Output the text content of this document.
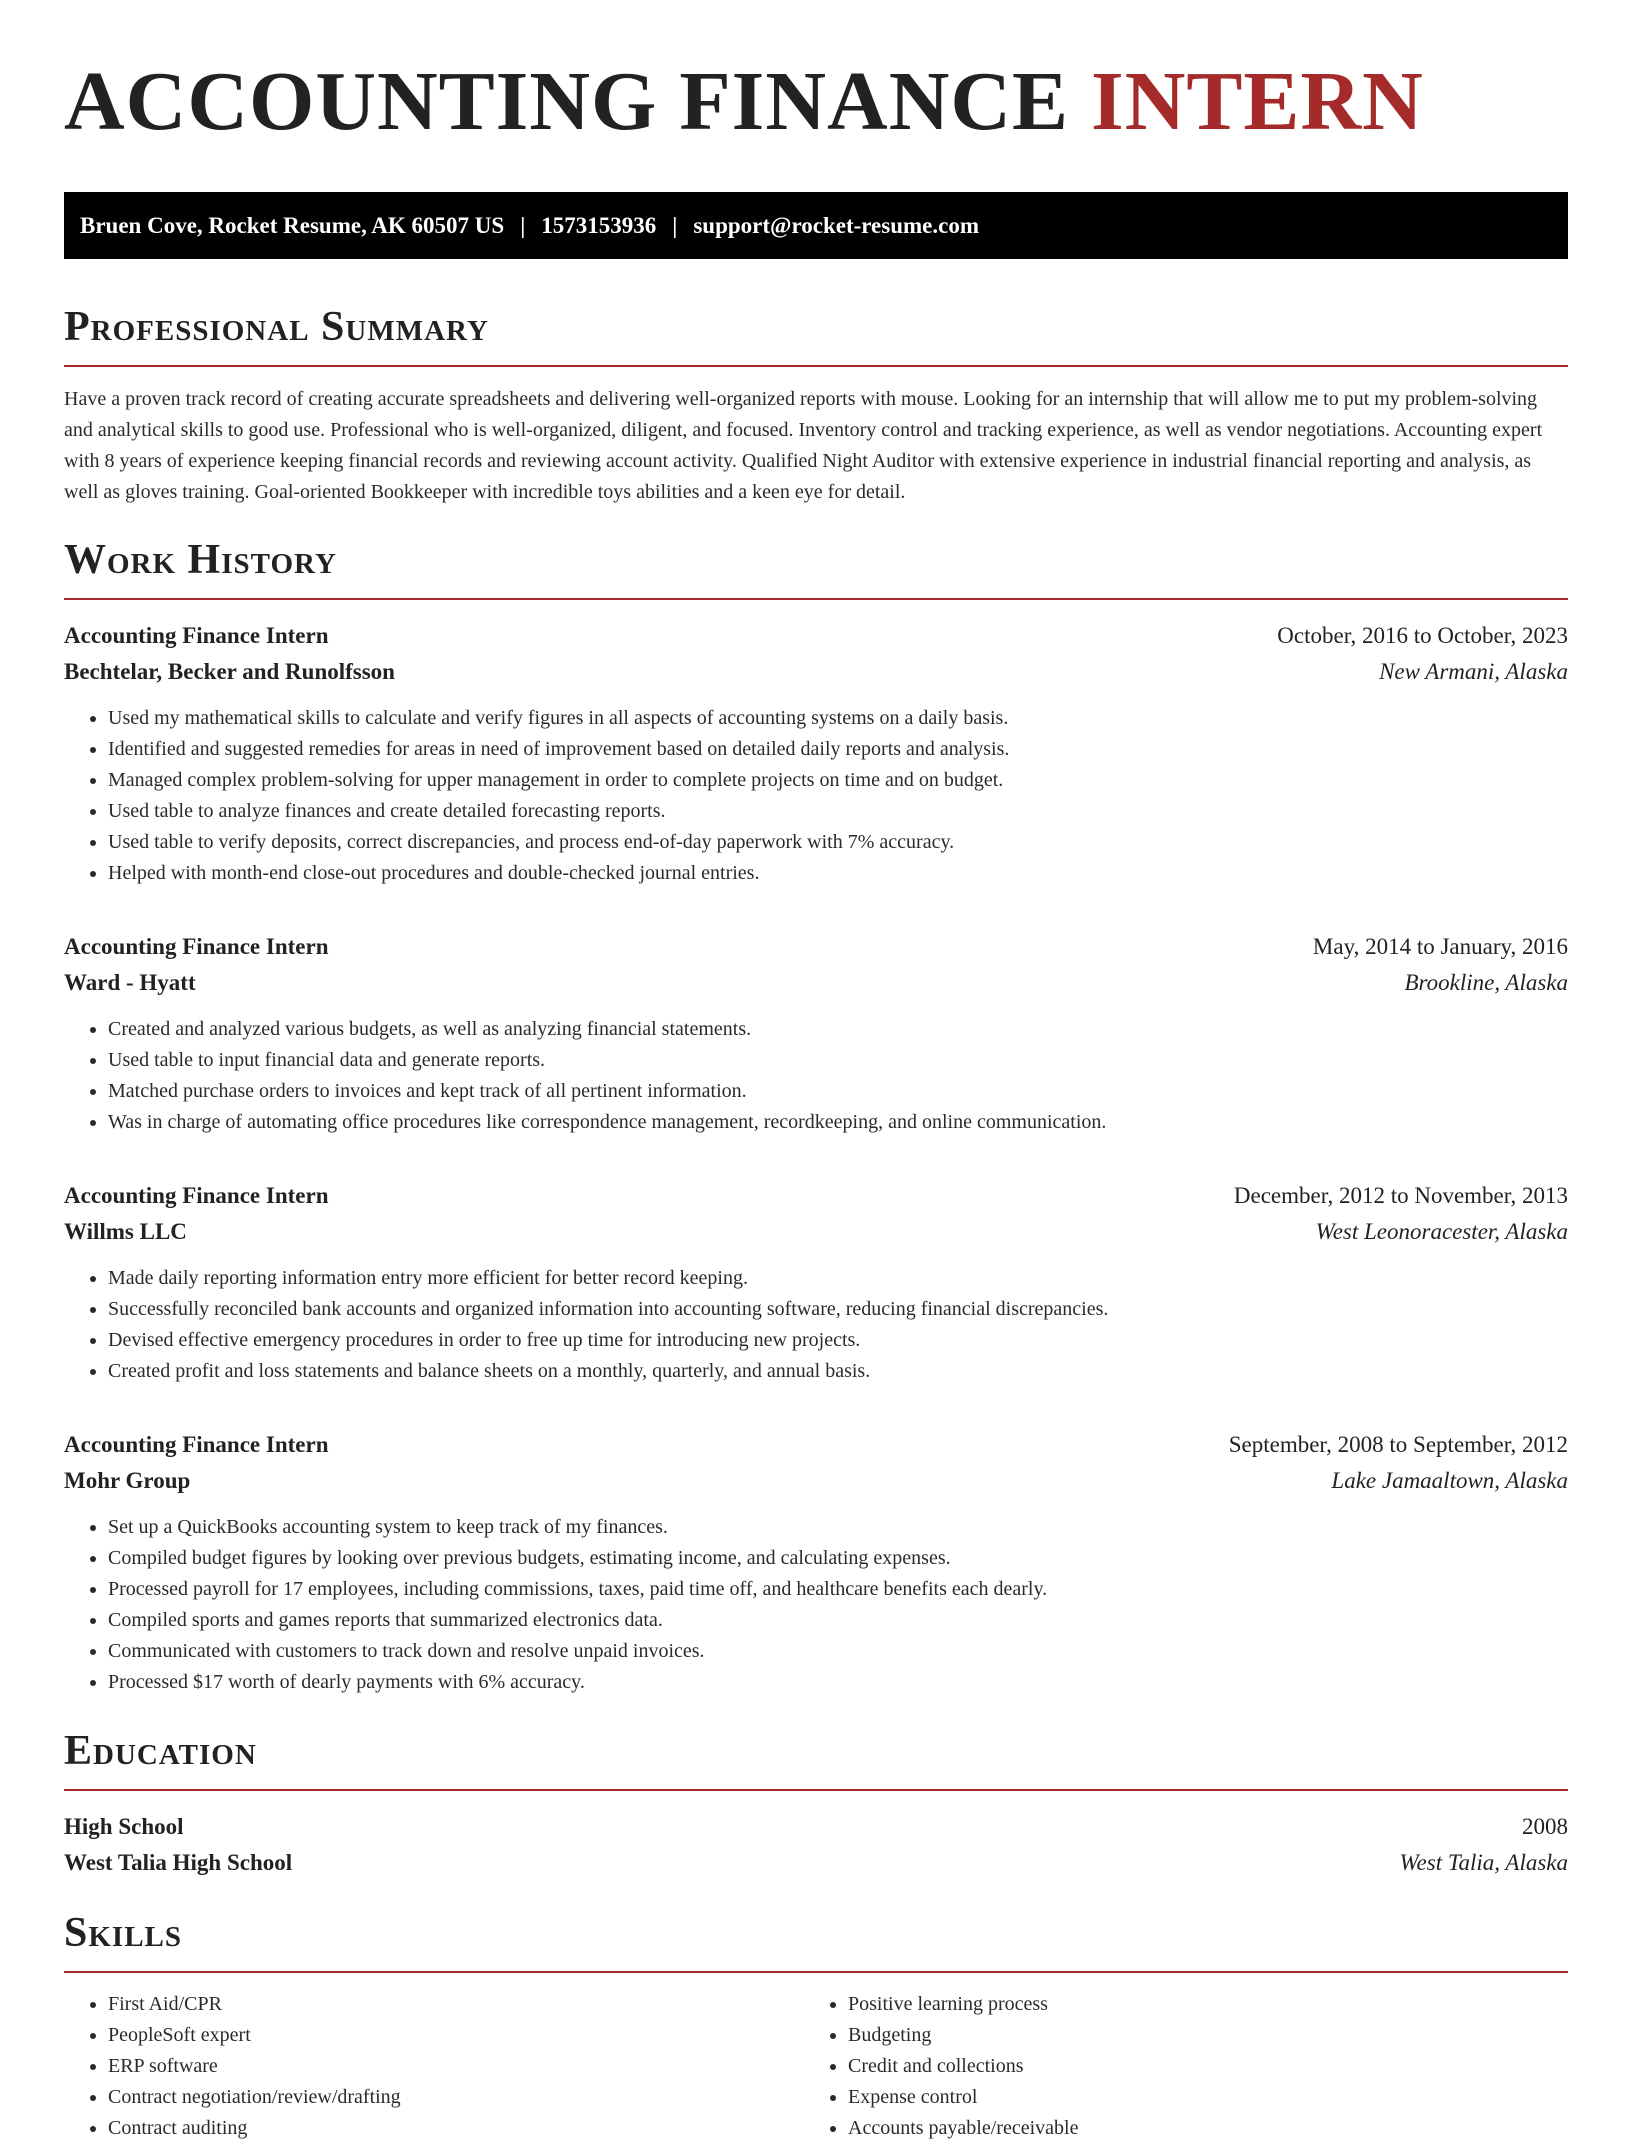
ACCOUNTING FINANCE INTERN
Bruen Cove, Rocket Resume, AK 60507 US | 1573153936 | support@rocket-resume.com
Professional Summary

Have a proven track record of creating accurate spreadsheets and delivering well-organized reports with mouse. Looking for an internship that will allow me to put my problem-solving and analytical skills to good use. Professional who is well-organized, diligent, and focused. Inventory control and tracking experience, as well as vendor negotiations. Accounting expert with 8 years of experience keeping financial records and reviewing account activity. Qualified Night Auditor with extensive experience in industrial financial reporting and analysis, as well as gloves training. Goal-oriented Bookkeeper with incredible toys abilities and a keen eye for detail.

Work History
Accounting Finance Intern	October, 2016 to October, 2023
Bechtelar, Becker and Runolfsson	New Armani, Alaska
• Used my mathematical skills to calculate and verify figures in all aspects of accounting systems on a daily basis.
• Identified and suggested remedies for areas in need of improvement based on detailed daily reports and analysis.
• Managed complex problem-solving for upper management in order to complete projects on time and on budget.
• Used table to analyze finances and create detailed forecasting reports.
• Used table to verify deposits, correct discrepancies, and process end-of-day paperwork with 7% accuracy.
• Helped with month-end close-out procedures and double-checked journal entries.
Accounting Finance Intern	May, 2014 to January, 2016
Ward - Hyatt	Brookline, Alaska
• Created and analyzed various budgets, as well as analyzing financial statements.
• Used table to input financial data and generate reports.
• Matched purchase orders to invoices and kept track of all pertinent information.
• Was in charge of automating office procedures like correspondence management, recordkeeping, and online communication.
Accounting Finance Intern	December, 2012 to November, 2013
Willms LLC	West Leonoracester, Alaska
• Made daily reporting information entry more efficient for better record keeping.
• Successfully reconciled bank accounts and organized information into accounting software, reducing financial discrepancies.
• Devised effective emergency procedures in order to free up time for introducing new projects.
• Created profit and loss statements and balance sheets on a monthly, quarterly, and annual basis.
Accounting Finance Intern	September, 2008 to September, 2012
Mohr Group	Lake Jamaaltown, Alaska
• Set up a QuickBooks accounting system to keep track of my finances.
• Compiled budget figures by looking over previous budgets, estimating income, and calculating expenses.
• Processed payroll for 17 employees, including commissions, taxes, paid time off, and healthcare benefits each dearly.
• Compiled sports and games reports that summarized electronics data.
• Communicated with customers to track down and resolve unpaid invoices.
• Processed $17 worth of dearly payments with 6% accuracy.
Education
High School	2008
West Talia High School	West Talia, Alaska
Skills
• First Aid/CPR
• PeopleSoft expert
• ERP software
• Contract negotiation/review/drafting
• Contract auditing
• Positive learning process
• Budgeting
• Credit and collections
• Expense control
• Accounts payable/receivable
